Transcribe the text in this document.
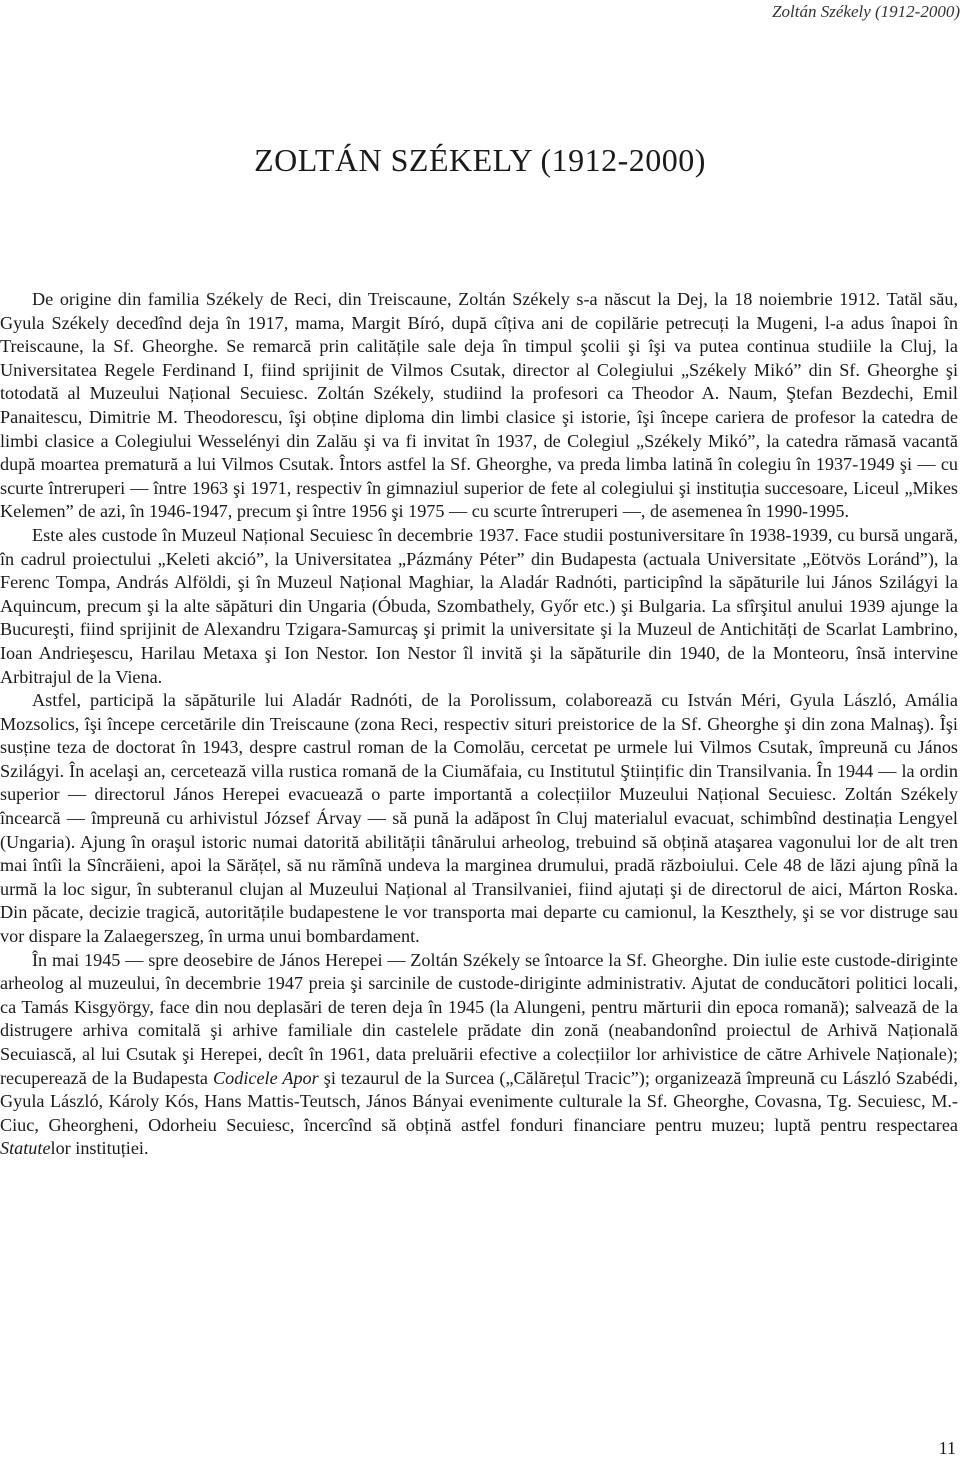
Zoltán Székely (1912-2000)
ZOLTÁN SZÉKELY (1912-2000)

De origine din familia Székely de Reci, din Treiscaune, Zoltán Székely s-a născut la Dej, la 18 noiembrie 1912. Tatăl său, Gyula Székely decedînd deja în 1917, mama, Margit Bíró, după cîțiva ani de copilărie petrecuți la Mugeni, l-a adus înapoi în Treiscaune, la Sf. Gheorghe. Se remarcă prin calitățile sale deja în timpul şcolii şi îşi va putea continua studiile la Cluj, la Universitatea Regele Ferdinand I, fiind sprijinit de Vilmos Csutak, director al Colegiului „Székely Mikó” din Sf. Gheorghe şi totodată al Muzeului Național Secuiesc. Zoltán Székely, studiind la profesori ca Theodor A. Naum, Ştefan Bezdechi, Emil Panaitescu, Dimitrie M. Theodorescu, îşi obține diploma din limbi clasice şi istorie, îşi începe cariera de profesor la catedra de limbi clasice a Colegiului Wesselényi din Zalău şi va fi invitat în 1937, de Colegiul „Székely Mikó”, la catedra rămasă vacantă după moartea prematură a lui Vilmos Csutak. Întors astfel la Sf. Gheorghe, va preda limba latină în colegiu în 1937-1949 şi — cu scurte întreruperi — între 1963 şi 1971, respectiv în gimnaziul superior de fete al colegiului şi instituția succesoare, Liceul „Mikes Kelemen” de azi, în 1946-1947, precum şi între 1956 şi 1975 — cu scurte întreruperi —, de asemenea în 1990-1995.

Este ales custode în Muzeul Național Secuiesc în decembrie 1937. Face studii postuniversitare în 1938-1939, cu bursă ungară, în cadrul proiectului „Keleti akció”, la Universitatea „Pázmány Péter” din Budapesta (actuala Universitate „Eötvös Loránd”), la Ferenc Tompa, András Alföldi, şi în Muzeul Național Maghiar, la Aladár Radnóti, participînd la săpăturile lui János Szilágyi la Aquincum, precum şi la alte săpături din Ungaria (Óbuda, Szombathely, Győr etc.) şi Bulgaria. La sfîrşitul anului 1939 ajunge la Bucureşti, fiind sprijinit de Alexandru Tzigara-Samurcaş şi primit la universitate şi la Muzeul de Antichități de Scarlat Lambrino, Ioan Andrieşescu, Harilau Metaxa şi Ion Nestor. Ion Nestor îl invită şi la săpăturile din 1940, de la Monteoru, însă intervine Arbitrajul de la Viena.

Astfel, participă la săpăturile lui Aladár Radnóti, de la Porolissum, colaborează cu István Méri, Gyula László, Amália Mozsolics, îşi începe cercetările din Treiscaune (zona Reci, respectiv situri preistorice de la Sf. Gheorghe şi din zona Malnaş). Îşi susține teza de doctorat în 1943, despre castrul roman de la Comolău, cercetat pe urmele lui Vilmos Csutak, împreună cu János Szilágyi. În acelaşi an, cercetează villa rustica romană de la Ciumăfaia, cu Institutul Ştiințific din Transilvania. În 1944 — la ordin superior — directorul János Herepei evacuează o parte importantă a colecțiilor Muzeului Național Secuiesc. Zoltán Székely încearcă — împreună cu arhivistul József Árvay — să pună la adăpost în Cluj materialul evacuat, schimbînd destinația Lengyel (Ungaria). Ajung în oraşul istoric numai datorită abilității tânărului arheolog, trebuind să obțină ataşarea vagonului lor de alt tren mai întîi la Sîncrăieni, apoi la Sărățel, să nu rămînă undeva la marginea drumului, pradă războiului. Cele 48 de lăzi ajung pînă la urmă la loc sigur, în subteranul clujan al Muzeului Național al Transilvaniei, fiind ajutați şi de directorul de aici, Márton Roska. Din păcate, decizie tragică, autoritățile budapestene le vor transporta mai departe cu camionul, la Keszthely, şi se vor distruge sau vor dispare la Zalaegerszeg, în urma unui bombardament.

În mai 1945 — spre deosebire de János Herepei — Zoltán Székely se întoarce la Sf. Gheorghe. Din iulie este custode-diriginte arheolog al muzeului, în decembrie 1947 preia şi sarcinile de custode-diriginte administrativ. Ajutat de conducători politici locali, ca Tamás Kisgyörgy, face din nou deplasări de teren deja în 1945 (la Alungeni, pentru mărturii din epoca romană); salvează de la distrugere arhiva comitală şi arhive familiale din castelele prădate din zonă (neabandonînd proiectul de Arhivă Națională Secuiască, al lui Csutak şi Herepei, decît în 1961, data preluării efective a colecțiilor lor arhivistice de către Arhivele Naționale); recuperează de la Budapesta Codicele Apor şi tezaurul de la Surcea („Călărețul Tracic”); organizează împreună cu László Szabédi, Gyula László, Károly Kós, Hans Mattis-Teutsch, János Bányai evenimente culturale la Sf. Gheorghe, Covasna, Tg. Secuiesc, M.-Ciuc, Gheorgheni, Odorheiu Secuiesc, încercînd să obțină astfel fonduri financiare pentru muzeu; luptă pentru respectarea Statutelor instituției.

11
